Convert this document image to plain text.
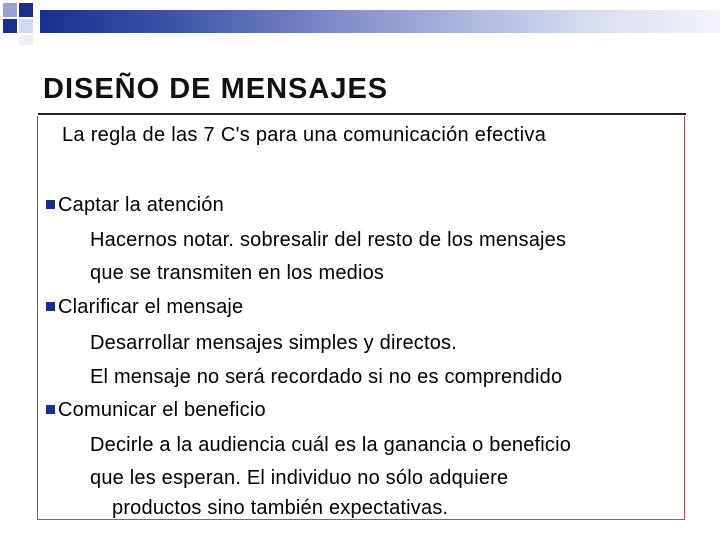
DISEÑO DE MENSAJES
La regla de las 7 C's para una comunicación efectiva
Captar la atención
Hacernos notar. sobresalir del resto de los mensajes
que se transmiten en los medios
Clarificar el mensaje
Desarrollar mensajes simples y directos.
El mensaje no será recordado si no es comprendido
Comunicar el beneficio
Decirle a la audiencia cuál es la ganancia o beneficio
que les esperan. El individuo no sólo adquiere
productos sino también expectativas.
